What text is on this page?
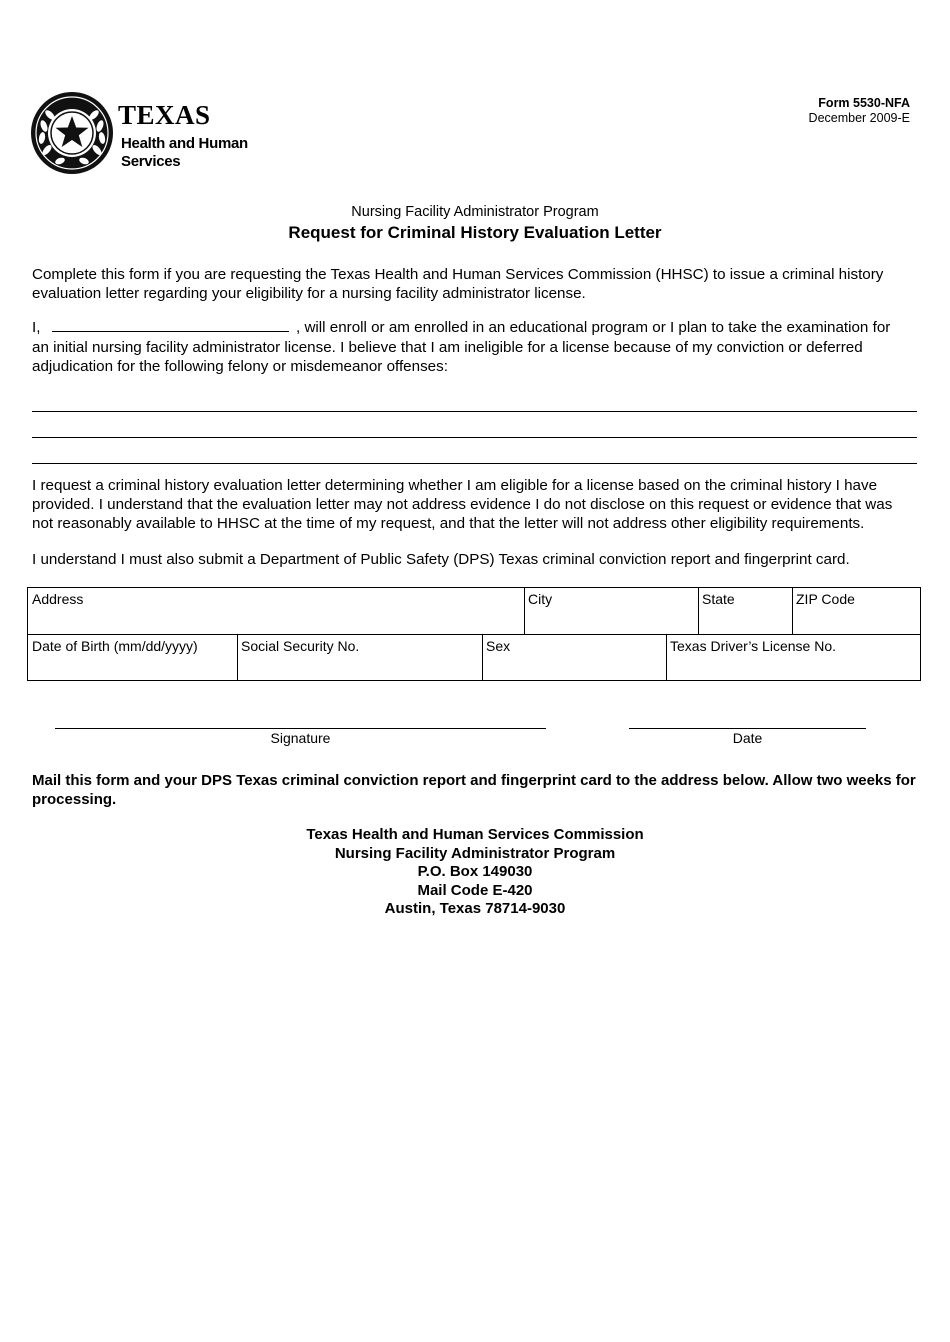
TEXAS
Health and Human
Services
Form 5530-NFA
December 2009-E
Nursing Facility Administrator Program
Request for Criminal History Evaluation Letter
Complete this form if you are requesting the Texas Health and Human Services Commission (HHSC) to issue a criminal history evaluation letter regarding your eligibility for a nursing facility administrator license.
I,	, will enroll or am enrolled in an educational program or I plan to take the examination for
an initial nursing facility administrator license. I believe that I am ineligible for a license because of my conviction or deferred adjudication for the following felony or misdemeanor offenses:
I request a criminal history evaluation letter determining whether I am eligible for a license based on the criminal history I have provided. I understand that the evaluation letter may not address evidence I do not disclose on this request or evidence that was not reasonably available to HHSC at the time of my request, and that the letter will not address other eligibility requirements.
I understand I must also submit a Department of Public Safety (DPS) Texas criminal conviction report and fingerprint card.
Address	City	State	ZIP Code
Date of Birth (mm/dd/yyyy)	Social Security No.	Sex	Texas Driver’s License No.
Signature	Date
Mail this form and your DPS Texas criminal conviction report and fingerprint card to the address below. Allow two weeks for processing.
Texas Health and Human Services Commission
Nursing Facility Administrator Program
P.O. Box 149030
Mail Code E-420
Austin, Texas 78714-9030
